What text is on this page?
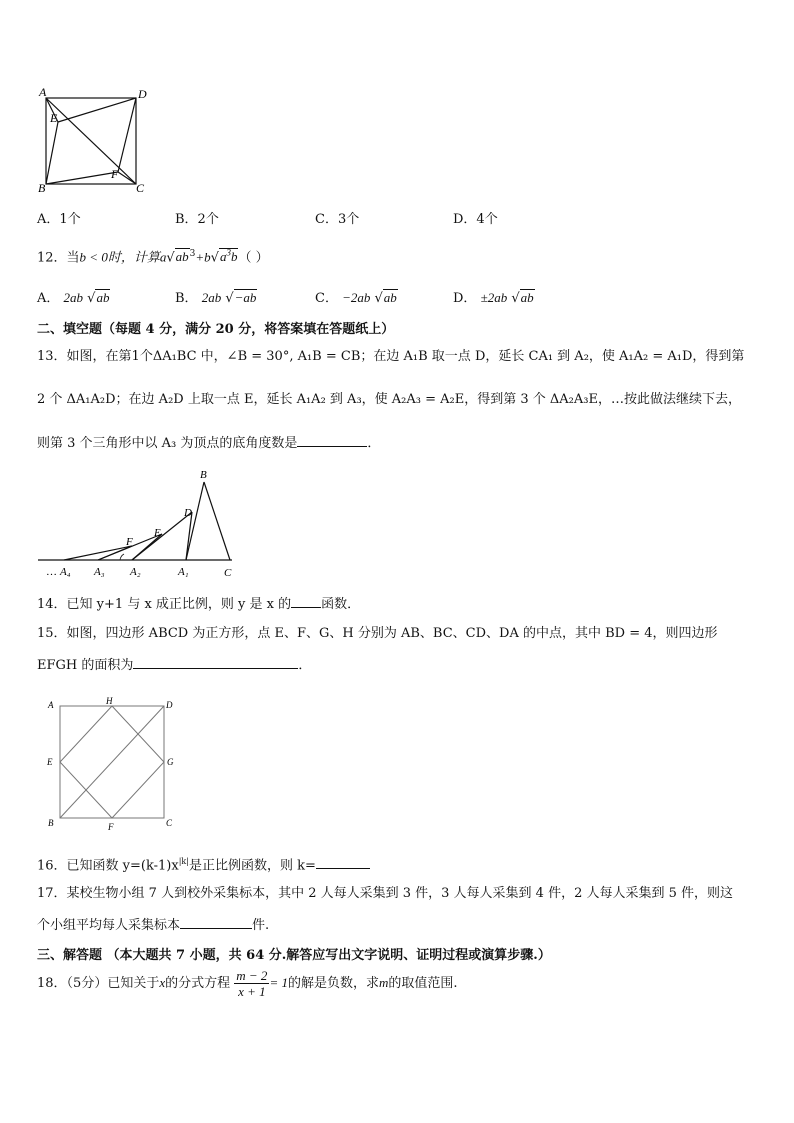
A	D
E
B
F
C
A．1个	B．2个	C．3个	D．4个
12．当b < 0时，计算$a√ab^3+b√a^3b$（ ）
A． 2ab √ab	B． 2ab √−ab	C． −2ab √ab	D． ±2ab √ab
二、填空题（每题 4 分，满分 20 分，将答案填在答题纸上）
13．如图，在第1个ΔA₁BC 中，∠B = 30°, A₁B = CB；在边 A₁B 取一点 D，延长 CA₁ 到 A₂，使 A₁A₂ = A₁D，得到第
2 个 ΔA₁A₂D；在边 A₂D 上取一点 E，延长 A₁A₂ 到 A₃，使 A₂A₃ = A₂E，得到第 3 个 ΔA₂A₃E，…按此做法继续下去，
则第 3 个三角形中以 A₃ 为顶点的底角度数是	．
B
D
E
F
… A₄ A₃ A₂	A₁	C
14．已知 y+1 与 x 成正比例，则 y 是 x 的 函数．
15．如图，四边形 ABCD 为正方形，点 E、F、G、H 分别为 AB、BC、CD、DA 的中点，其中 BD = 4，则四边形
EFGH 的面积为	．
A	H	D
E	G
B	F	C
16．已知函数 $y=(k-1)x^{|k|}$是正比例函数，则 k=
17．某校生物小组 7 人到校外采集标本，其中 2 人每人采集到 3 件，3 人每人采集到 4 件，2 人每人采集到 5 件，则这
个小组平均每人采集标本	件.
三、解答题 （本大题共 7 小题，共 64 分.解答应写出文字说明、证明过程或演算步骤.）
18．（5分）已知关于x的分式方程 $\frac{m - 2}{x + 1} = 1$的解是负数，求m的取值范围.
